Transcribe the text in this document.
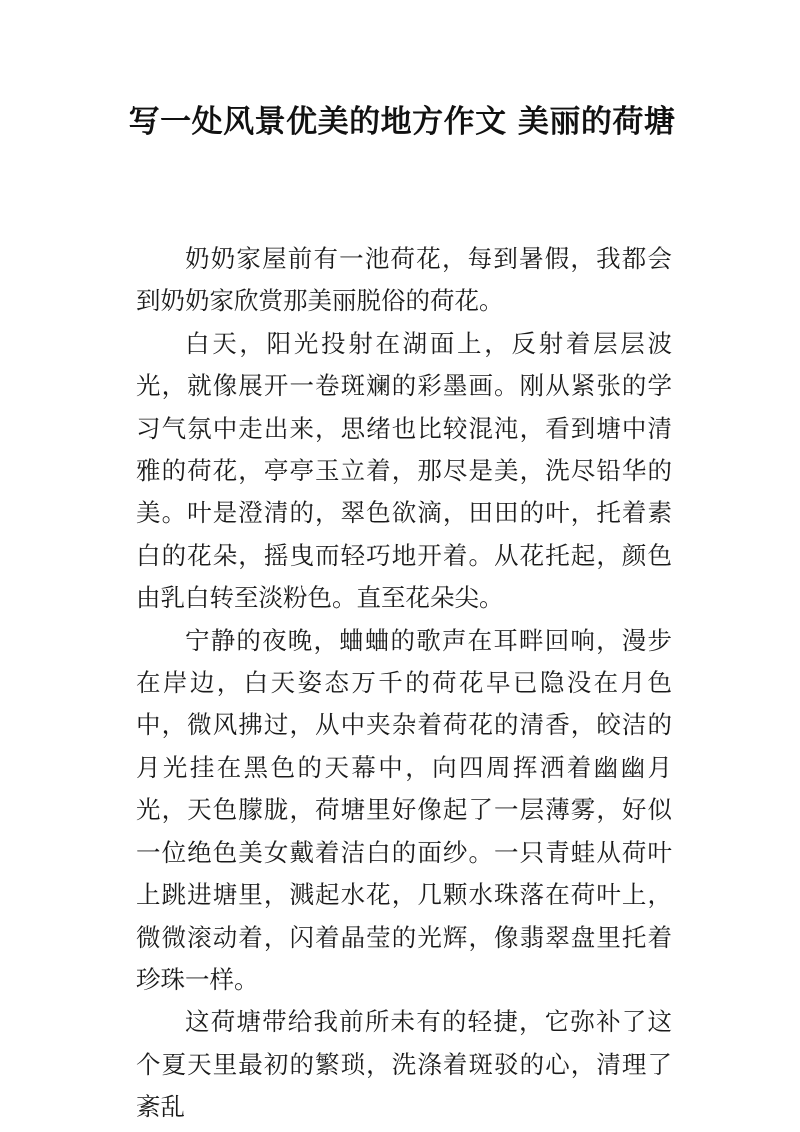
写一处风景优美的地方作文 美丽的荷塘

奶奶家屋前有一池荷花，每到暑假，我都会到奶奶家欣赏那美丽脱俗的荷花。

白天，阳光投射在湖面上，反射着层层波光，就像展开一卷斑斓的彩墨画。刚从紧张的学习气氛中走出来，思绪也比较混沌，看到塘中清雅的荷花，亭亭玉立着，那尽是美，洗尽铅华的美。叶是澄清的，翠色欲滴，田田的叶，托着素白的花朵，摇曳而轻巧地开着。从花托起，颜色由乳白转至淡粉色。直至花朵尖。

宁静的夜晚，蛐蛐的歌声在耳畔回响，漫步在岸边，白天姿态万千的荷花早已隐没在月色中，微风拂过，从中夹杂着荷花的清香，皎洁的月光挂在黑色的天幕中，向四周挥洒着幽幽月光，天色朦胧，荷塘里好像起了一层薄雾，好似一位绝色美女戴着洁白的面纱。一只青蛙从荷叶上跳进塘里，溅起水花，几颗水珠落在荷叶上，微微滚动着，闪着晶莹的光辉，像翡翠盘里托着珍珠一样。

这荷塘带给我前所未有的轻捷，它弥补了这个夏天里最初的繁琐，洗涤着斑驳的心，清理了紊乱
